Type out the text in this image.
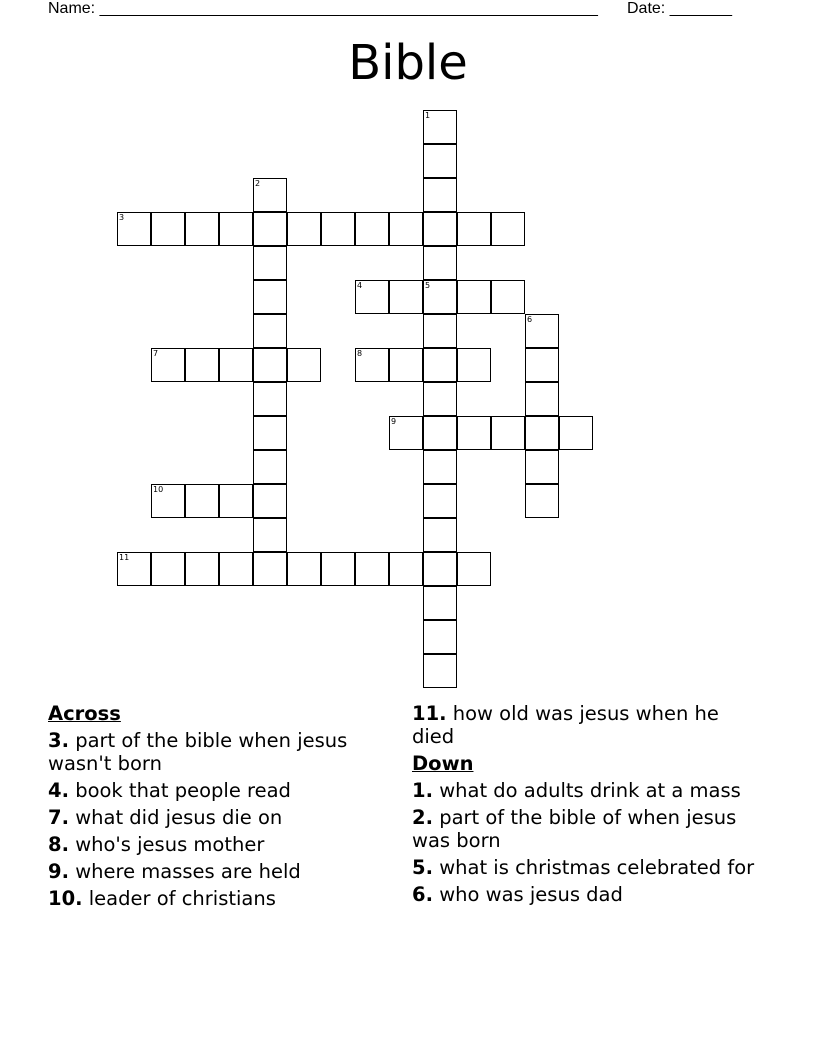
Name: ________________________________________________________ Date: _______
Bible
1
5
2
3
4
6
7	8
9
10
11
Across
3. part of the bible when jesus wasn't born
4. book that people read
7. what did jesus die on
8. who's jesus mother
9. where masses are held
10. leader of christians
11. how old was jesus when he died
Down
1. what do adults drink at a mass
2. part of the bible of when jesus was born
5. what is christmas celebrated for
6. who was jesus dad
